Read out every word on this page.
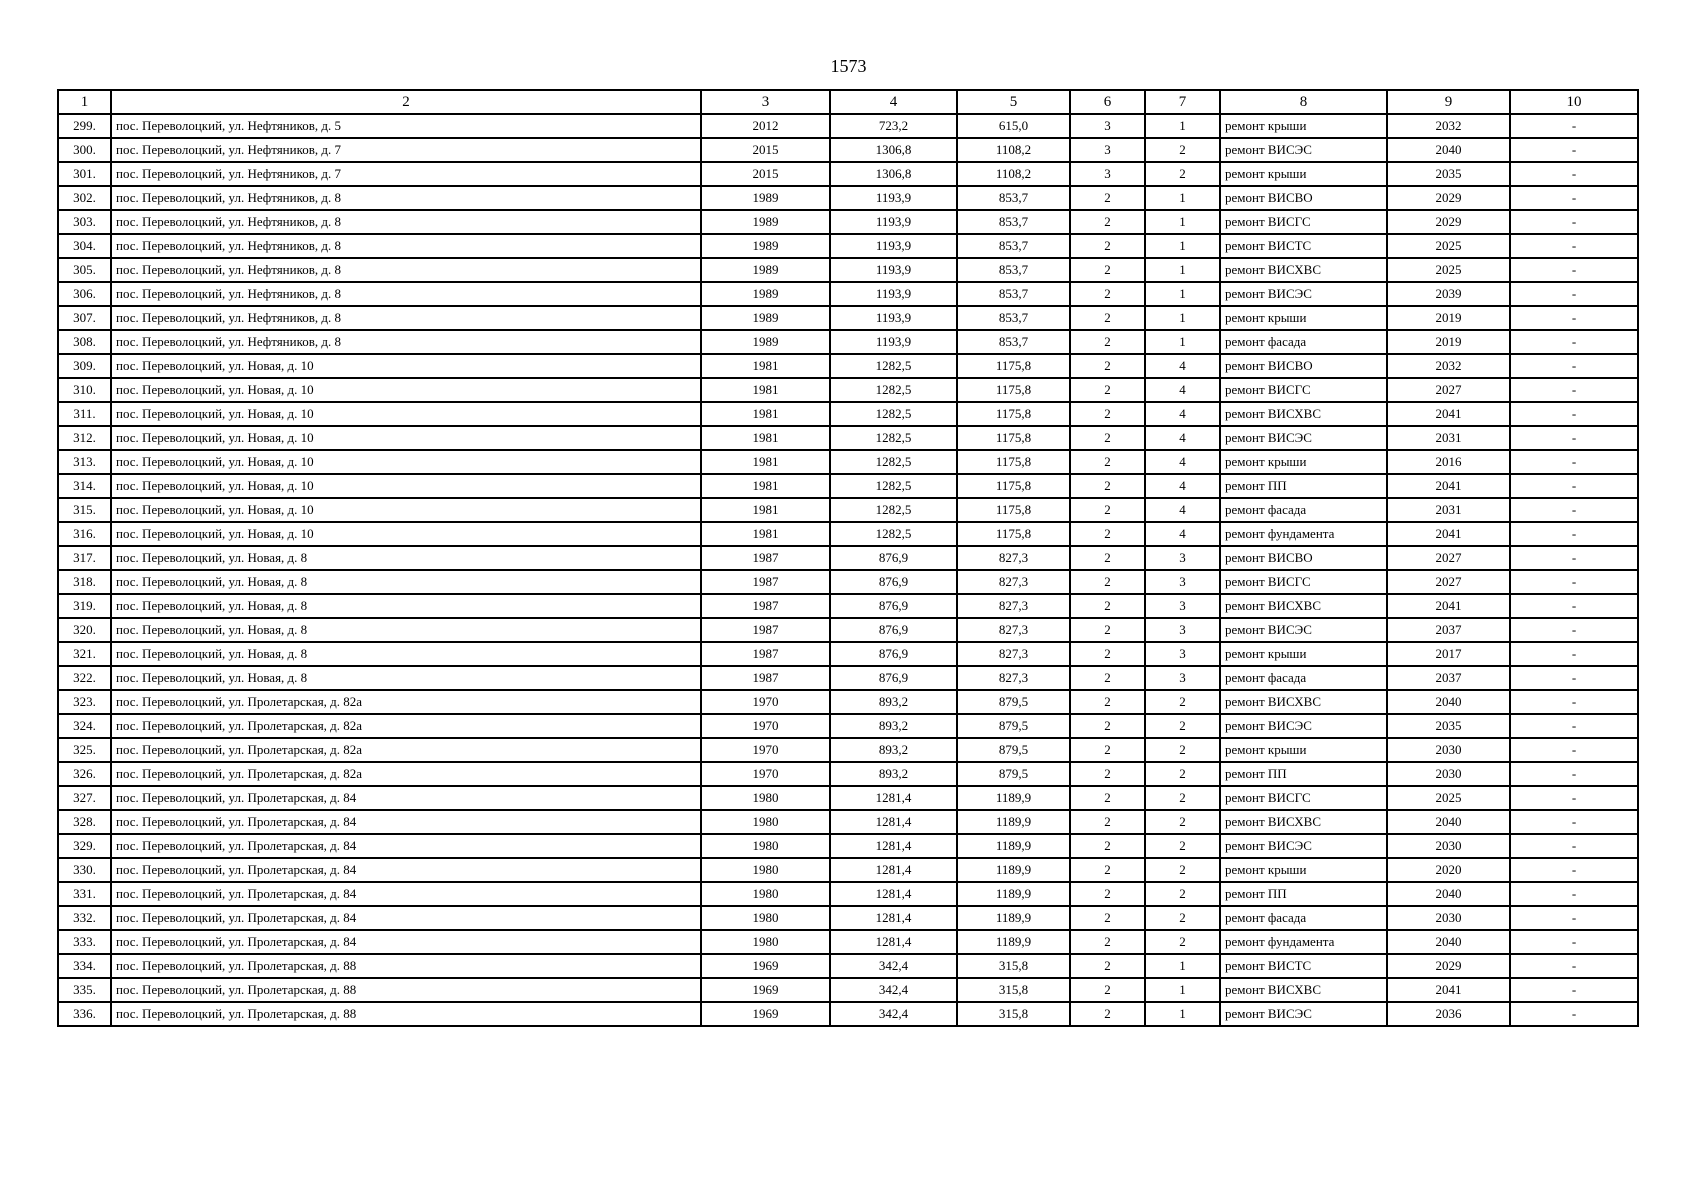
1573
1	2	3	4	5	6	7	8	9	10
299.	пос. Переволоцкий, ул. Нефтяников, д. 5	2012	723,2	615,0	3	1	ремонт крыши	2032	-
300.	пос. Переволоцкий, ул. Нефтяников, д. 7	2015	1306,8	1108,2	3	2	ремонт ВИСЭС	2040	-
301.	пос. Переволоцкий, ул. Нефтяников, д. 7	2015	1306,8	1108,2	3	2	ремонт крыши	2035	-
302.	пос. Переволоцкий, ул. Нефтяников, д. 8	1989	1193,9	853,7	2	1	ремонт ВИСВО	2029	-
303.	пос. Переволоцкий, ул. Нефтяников, д. 8	1989	1193,9	853,7	2	1	ремонт ВИСГС	2029	-
304.	пос. Переволоцкий, ул. Нефтяников, д. 8	1989	1193,9	853,7	2	1	ремонт ВИСТС	2025	-
305.	пос. Переволоцкий, ул. Нефтяников, д. 8	1989	1193,9	853,7	2	1	ремонт ВИСХВС	2025	-
306.	пос. Переволоцкий, ул. Нефтяников, д. 8	1989	1193,9	853,7	2	1	ремонт ВИСЭС	2039	-
307.	пос. Переволоцкий, ул. Нефтяников, д. 8	1989	1193,9	853,7	2	1	ремонт крыши	2019	-
308.	пос. Переволоцкий, ул. Нефтяников, д. 8	1989	1193,9	853,7	2	1	ремонт фасада	2019	-
309.	пос. Переволоцкий, ул. Новая, д. 10	1981	1282,5	1175,8	2	4	ремонт ВИСВО	2032	-
310.	пос. Переволоцкий, ул. Новая, д. 10	1981	1282,5	1175,8	2	4	ремонт ВИСГС	2027	-
311.	пос. Переволоцкий, ул. Новая, д. 10	1981	1282,5	1175,8	2	4	ремонт ВИСХВС	2041	-
312.	пос. Переволоцкий, ул. Новая, д. 10	1981	1282,5	1175,8	2	4	ремонт ВИСЭС	2031	-
313.	пос. Переволоцкий, ул. Новая, д. 10	1981	1282,5	1175,8	2	4	ремонт крыши	2016	-
314.	пос. Переволоцкий, ул. Новая, д. 10	1981	1282,5	1175,8	2	4	ремонт ПП	2041	-
315.	пос. Переволоцкий, ул. Новая, д. 10	1981	1282,5	1175,8	2	4	ремонт фасада	2031	-
316.	пос. Переволоцкий, ул. Новая, д. 10	1981	1282,5	1175,8	2	4	ремонт фундамента	2041	-
317.	пос. Переволоцкий, ул. Новая, д. 8	1987	876,9	827,3	2	3	ремонт ВИСВО	2027	-
318.	пос. Переволоцкий, ул. Новая, д. 8	1987	876,9	827,3	2	3	ремонт ВИСГС	2027	-
319.	пос. Переволоцкий, ул. Новая, д. 8	1987	876,9	827,3	2	3	ремонт ВИСХВС	2041	-
320.	пос. Переволоцкий, ул. Новая, д. 8	1987	876,9	827,3	2	3	ремонт ВИСЭС	2037	-
321.	пос. Переволоцкий, ул. Новая, д. 8	1987	876,9	827,3	2	3	ремонт крыши	2017	-
322.	пос. Переволоцкий, ул. Новая, д. 8	1987	876,9	827,3	2	3	ремонт фасада	2037	-
323.	пос. Переволоцкий, ул. Пролетарская, д. 82а	1970	893,2	879,5	2	2	ремонт ВИСХВС	2040	-
324.	пос. Переволоцкий, ул. Пролетарская, д. 82а	1970	893,2	879,5	2	2	ремонт ВИСЭС	2035	-
325.	пос. Переволоцкий, ул. Пролетарская, д. 82а	1970	893,2	879,5	2	2	ремонт крыши	2030	-
326.	пос. Переволоцкий, ул. Пролетарская, д. 82а	1970	893,2	879,5	2	2	ремонт ПП	2030	-
327.	пос. Переволоцкий, ул. Пролетарская, д. 84	1980	1281,4	1189,9	2	2	ремонт ВИСГС	2025	-
328.	пос. Переволоцкий, ул. Пролетарская, д. 84	1980	1281,4	1189,9	2	2	ремонт ВИСХВС	2040	-
329.	пос. Переволоцкий, ул. Пролетарская, д. 84	1980	1281,4	1189,9	2	2	ремонт ВИСЭС	2030	-
330.	пос. Переволоцкий, ул. Пролетарская, д. 84	1980	1281,4	1189,9	2	2	ремонт крыши	2020	-
331.	пос. Переволоцкий, ул. Пролетарская, д. 84	1980	1281,4	1189,9	2	2	ремонт ПП	2040	-
332.	пос. Переволоцкий, ул. Пролетарская, д. 84	1980	1281,4	1189,9	2	2	ремонт фасада	2030	-
333.	пос. Переволоцкий, ул. Пролетарская, д. 84	1980	1281,4	1189,9	2	2	ремонт фундамента	2040	-
334.	пос. Переволоцкий, ул. Пролетарская, д. 88	1969	342,4	315,8	2	1	ремонт ВИСТС	2029	-
335.	пос. Переволоцкий, ул. Пролетарская, д. 88	1969	342,4	315,8	2	1	ремонт ВИСХВС	2041	-
336.	пос. Переволоцкий, ул. Пролетарская, д. 88	1969	342,4	315,8	2	1	ремонт ВИСЭС	2036	-
